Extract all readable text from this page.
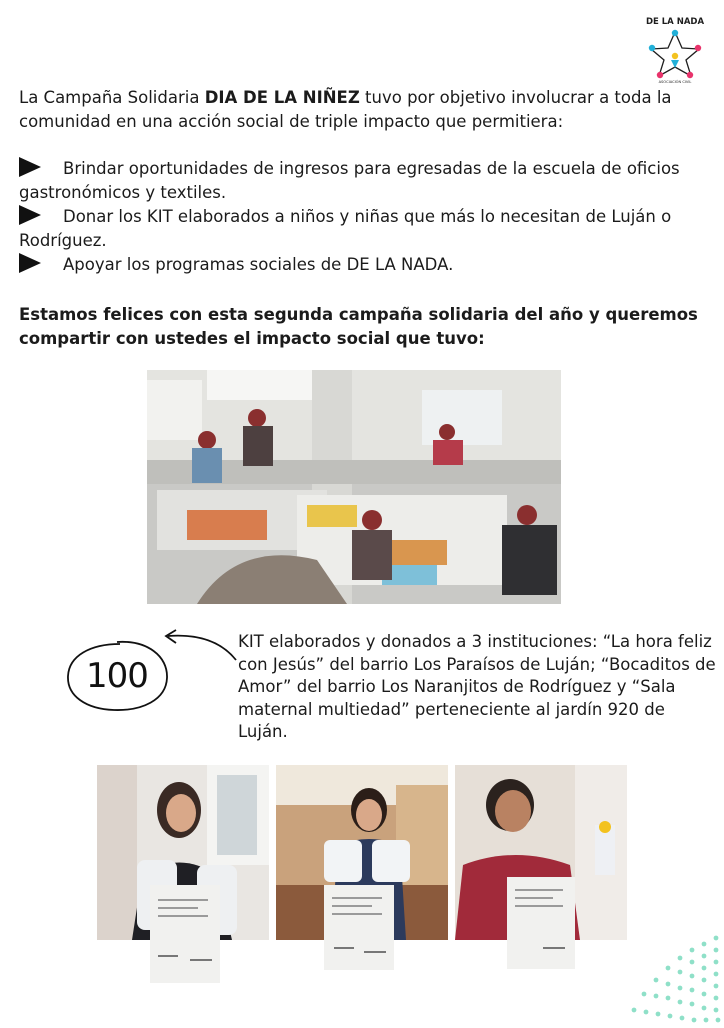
DE LA NADA
ASOCIACIÓN CIVIL
La Campaña Solidaria DIA DE LA NIÑEZ tuvo por objetivo involucrar a toda la comunidad en una acción social de triple impacto que permitiera:

Brindar oportunidades de ingresos para egresadas de la escuela de oficios gastronómicos y textiles.

Donar los KIT elaborados a niños y niñas que más lo necesitan de Luján o Rodríguez.

Apoyar los programas sociales de DE LA NADA.

Estamos felices con esta segunda campaña solidaria del año y queremos compartir con ustedes el impacto social que tuvo:
100
KIT elaborados y donados a 3 instituciones: “La hora feliz con Jesús” del barrio Los Paraísos de Luján; “Bocaditos de Amor” del barrio Los Naranjitos de Rodríguez y “Sala maternal multiedad” perteneciente al jardín 920 de Luján.
